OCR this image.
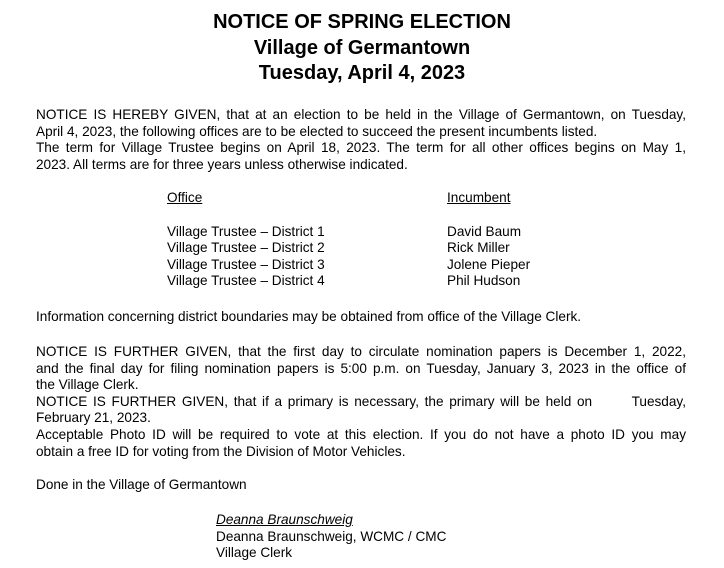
NOTICE OF SPRING ELECTION
Village of Germantown
Tuesday, April 4, 2023
NOTICE IS HEREBY GIVEN, that at an election to be held in the Village of Germantown, on Tuesday,
April 4, 2023, the following offices are to be elected to succeed the present incumbents listed.
The term for Village Trustee begins on April 18, 2023. The term for all other offices begins on May 1,
2023. All terms are for three years unless otherwise indicated.
Office
Village Trustee – District 1
Village Trustee – District 2
Village Trustee – District 3
Village Trustee – District 4
Incumbent
David Baum
Rick Miller
Jolene Pieper
Phil Hudson
Information concerning district boundaries may be obtained from office of the Village Clerk.
NOTICE IS FURTHER GIVEN, that the first day to circulate nomination papers is December 1, 2022,
and the final day for filing nomination papers is 5:00 p.m. on Tuesday, January 3, 2023 in the office of
the Village Clerk.
NOTICE IS FURTHER GIVEN, that if a primary is necessary, the primary will be held on       Tuesday,
February 21, 2023.
Acceptable Photo ID will be required to vote at this election. If you do not have a photo ID you may
obtain a free ID for voting from the Division of Motor Vehicles.
Done in the Village of Germantown
Deanna Braunschweig
Deanna Braunschweig, WCMC / CMC
Village Clerk
